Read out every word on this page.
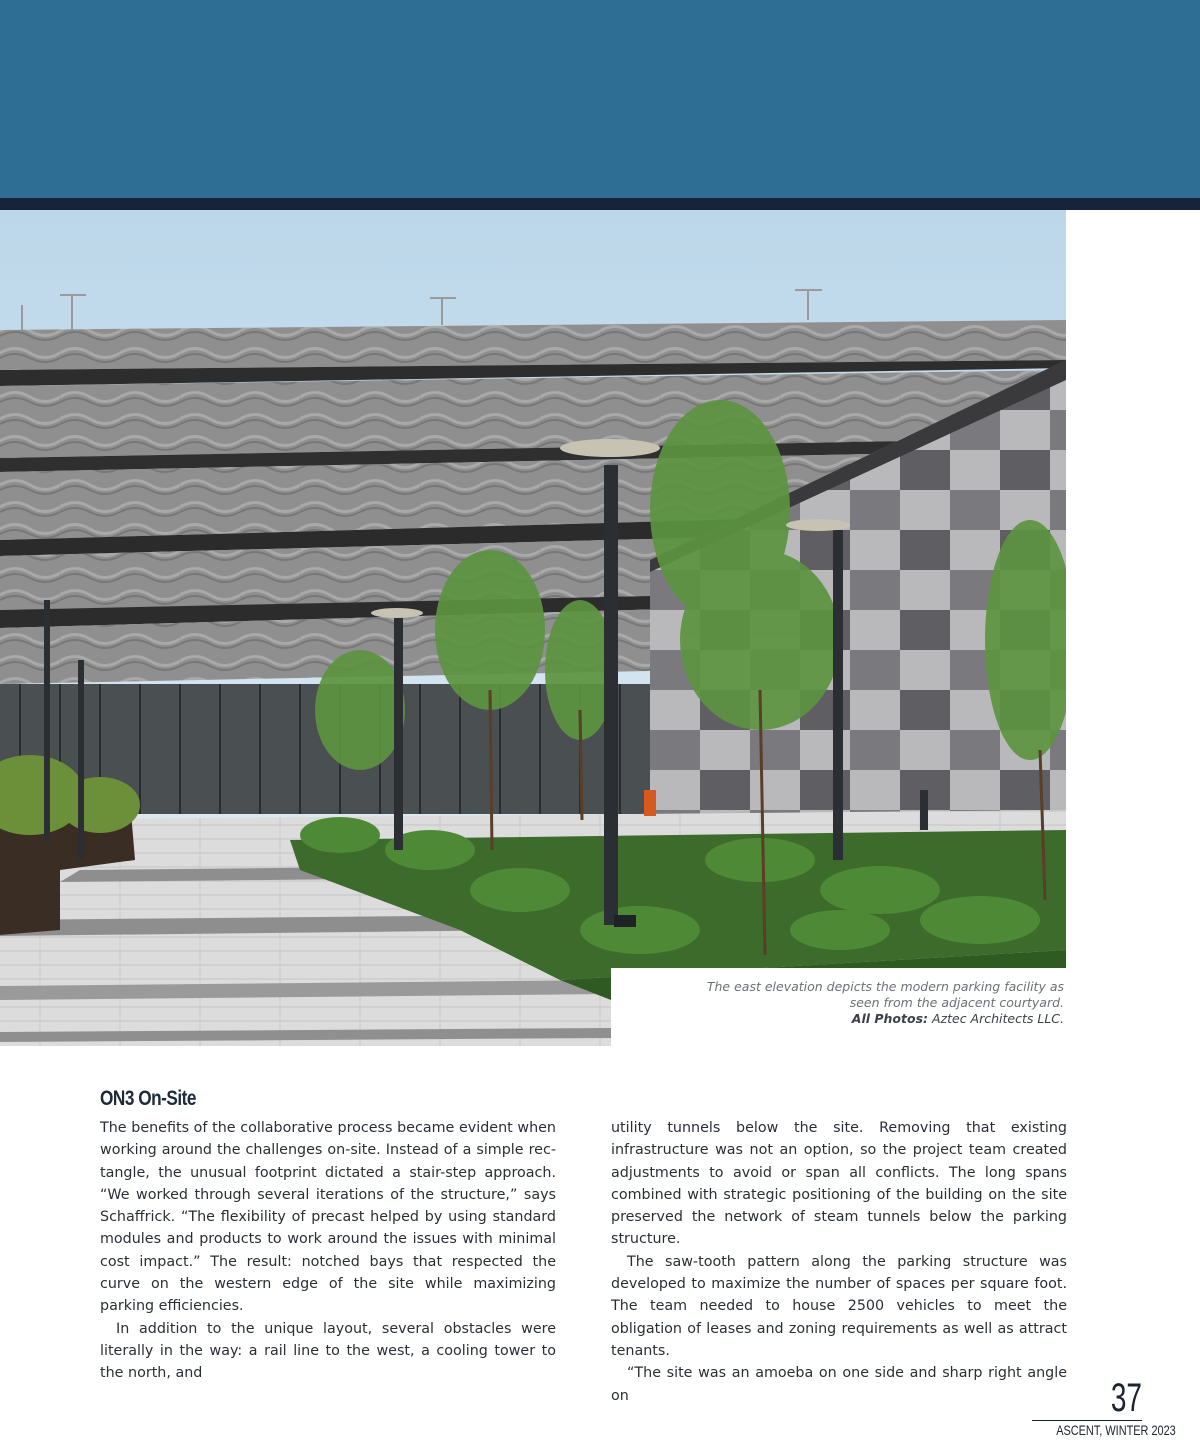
The east elevation depicts the modern parking facility as
seen from the adjacent courtyard.
All Photos: Aztec Architects LLC.
ON3 On-Site

The benefits of the collaborative process became evident when working around the challenges on-site. Instead of a simple rectangle, the unusual footprint dictated a stair-step approach. “We worked through several iterations of the structure,” says Schaffrick. “The flexibility of precast helped by using standard modules and products to work around the issues with minimal cost impact.” The result: notched bays that respected the curve on the western edge of the site while maximizing parking efficiencies.

In addition to the unique layout, several obstacles were literally in the way: a rail line to the west, a cooling tower to the north, and

utility tunnels below the site. Removing that existing infrastructure was not an option, so the project team created adjustments to avoid or span all conflicts. The long spans combined with strategic positioning of the building on the site preserved the network of steam tunnels below the parking structure.

The saw-tooth pattern along the parking structure was developed to maximize the number of spaces per square foot. The team needed to house 2500 vehicles to meet the obligation of leases and zoning requirements as well as attract tenants.

“The site was an amoeba on one side and sharp right angle on	37
ASCENT, WINTER 2023
